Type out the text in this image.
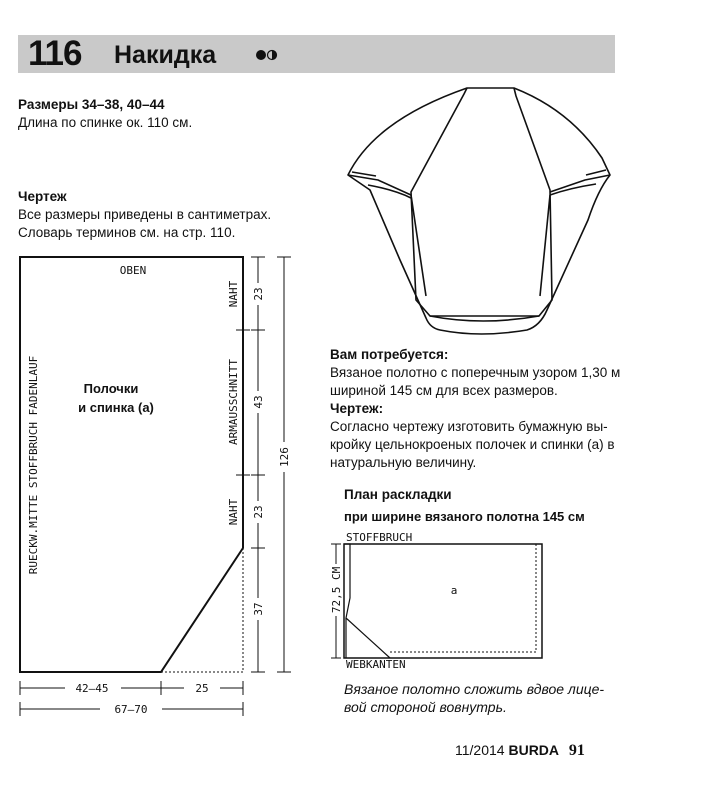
116 Накидка

Размеры 34–38, 40–44

Длина по спинке ок. 110 см.

Чертеж

Все размеры приведены в сантиметрах.

Словарь терминов см. на стр. 110.

OBEN
RUECKW.MITTE STOFFBRUCH FADENLAUF	Полочки
и спинка (а)
NAHT
ARMAUSSCHNITT
NAHT
23
43
23
37
126
42–45	25
67–70

Вам потребуется:

Вязаное полотно с поперечным узором 1,30 м

шириной 145 см для всех размеров.

Чертеж:

Согласно чертежу изготовить бумажную вы-

кройку цельнокроеных полочек и спинки (а) в

натуральную величину.

План раскладки

при ширине вязаного полотна 145 см

STOFFBRUCH
72,5 CM	a
WEBKANTEN

Вязаное полотно сложить вдвое лице-

вой стороной вовнутрь.

11/2014 BURDA 91
